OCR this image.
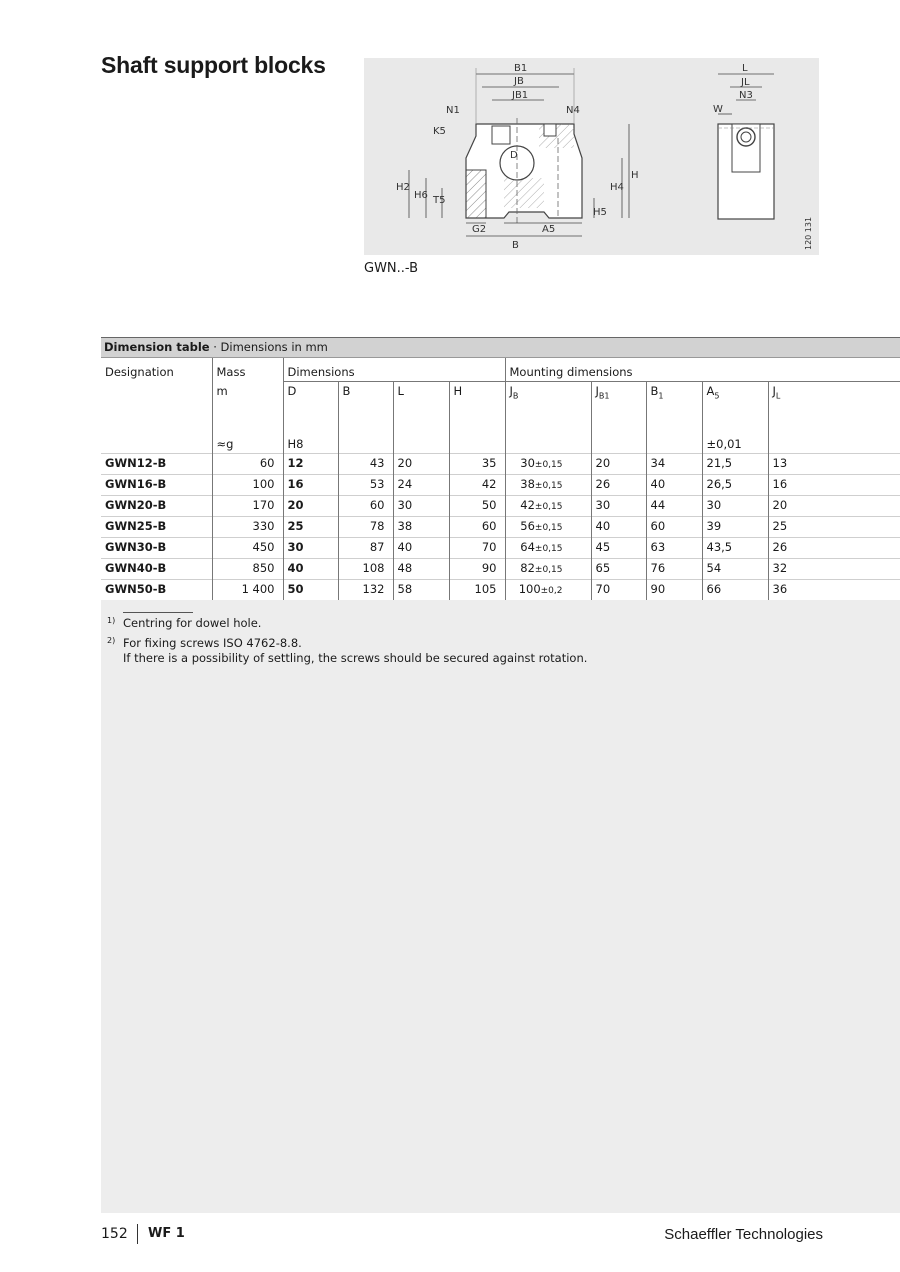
Shaft support blocks	B1
JB
JB1
N1	N4
K5
D
H
H4
H5
H2
H6 T5
G2	A5
B
L
JL
N3
W
120 131
GWN..-B
Dimension table · Dimensions in mm
Designation	Mass	Dimensions				Mounting dimensions				
	m	D	B	L	H	$J_B$	$J_{B1}$	$B_1$	$A_5$	$J_L$

	≈g	H8							±0,01	
GWN12-B	60	12	43	20	35	30±0,15	20	34	21,5	13
GWN16-B	100	16	53	24	42	38±0,15	26	40	26,5	16
GWN20-B	170	20	60	30	50	42±0,15	30	44	30	20
GWN25-B	330	25	78	38	60	56±0,15	40	60	39	25
GWN30-B	450	30	87	40	70	64±0,15	45	63	43,5	26
GWN40-B	850	40	108	48	90	82±0,15	65	76	54	32
GWN50-B	1 400	50	132	58	105	100±0,2	70	90	66	36
1) Centring for dowel hole.
2) For fixing screws ISO 4762-8.8.
If there is a possibility of settling, the screws should be secured against rotation.
152 WF 1	Schaeffler Technologies
